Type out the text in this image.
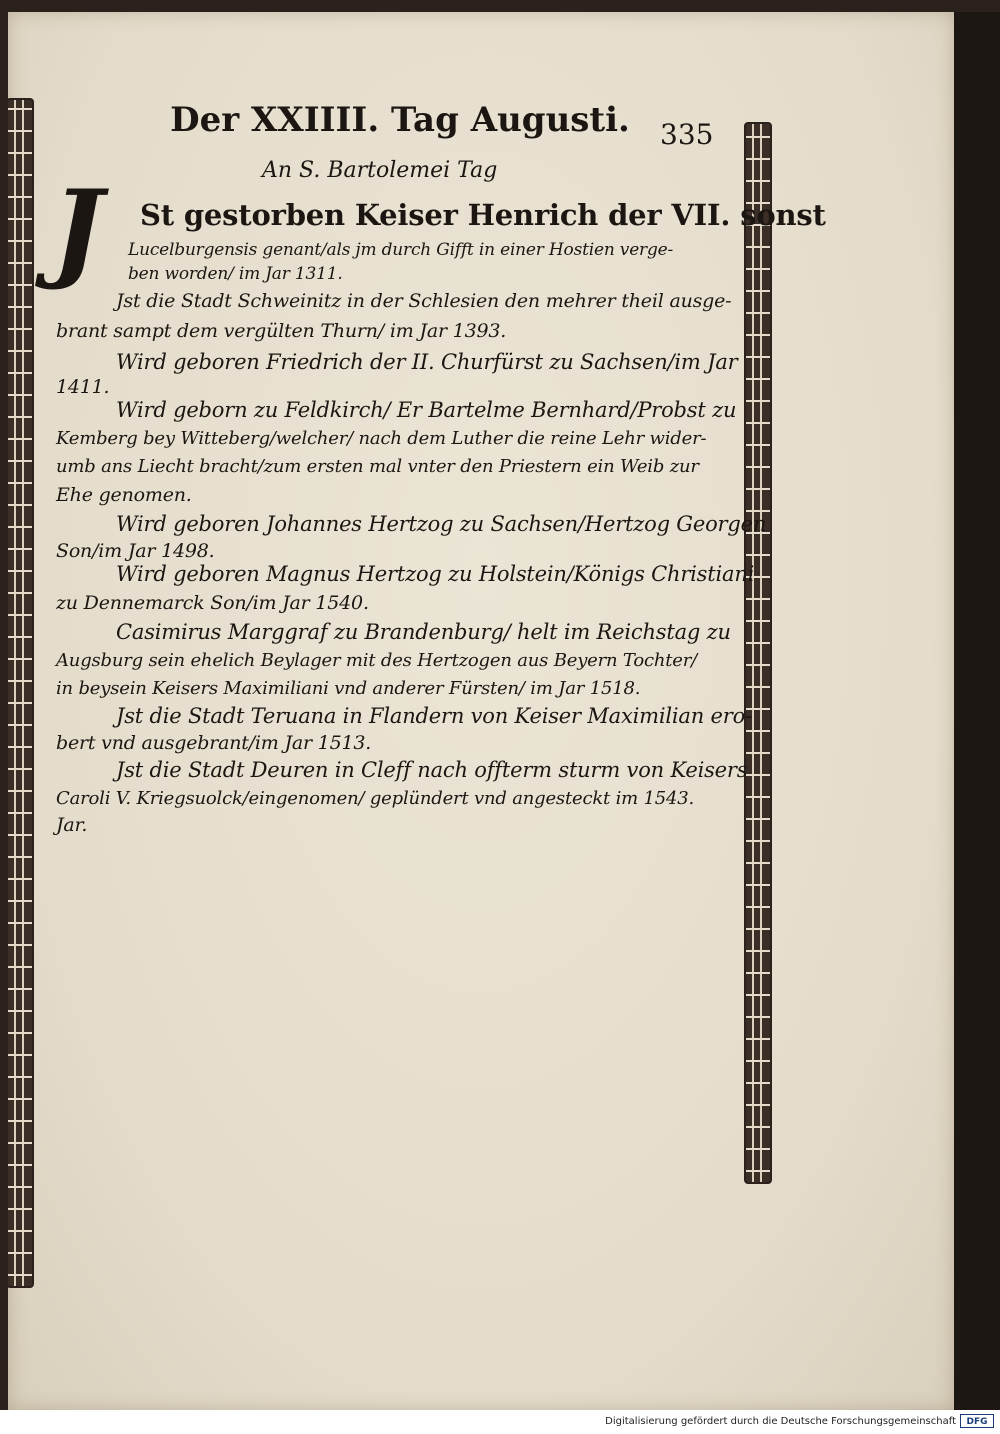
Der XXIIII. Tag Augusti.	335
An S. Bartolemei Tag
J St gestorben Keiser Henrich der VII. sonst
Lucelburgensis genant/als jm durch Gifft in einer Hostien verge-
ben worden/ im Jar 1311.
Jst die Stadt Schweinitz in der Schlesien den mehrer theil ausge-
brant sampt dem vergülten Thurn/ im Jar 1393.
Wird geboren Friedrich der II. Churfürst zu Sachsen/im Jar
1411.
Wird geborn zu Feldkirch/ Er Bartelme Bernhard/Probst zu
Kemberg bey Witteberg/welcher/ nach dem Luther die reine Lehr wider-
umb ans Liecht bracht/zum ersten mal vnter den Priestern ein Weib zur
Ehe genomen.
Wird geboren Johannes Hertzog zu Sachsen/Hertzog Georgen
Son/im Jar 1498.
Wird geboren Magnus Hertzog zu Holstein/Königs Christiani
zu Dennemarck Son/im Jar 1540.
Casimirus Marggraf zu Brandenburg/ helt im Reichstag zu
Augsburg sein ehelich Beylager mit des Hertzogen aus Beyern Tochter/
in beysein Keisers Maximiliani vnd anderer Fürsten/ im Jar 1518.
Jst die Stadt Teruana in Flandern von Keiser Maximilian ero-
bert vnd ausgebrant/im Jar 1513.
Jst die Stadt Deuren in Cleff nach offterm sturm von Keisers
Caroli V. Kriegsuolck/eingenomen/ geplündert vnd angesteckt im 1543.
Jar.
Digitalisierung gefördert durch die Deutsche Forschungsgemeinschaft	DFG
